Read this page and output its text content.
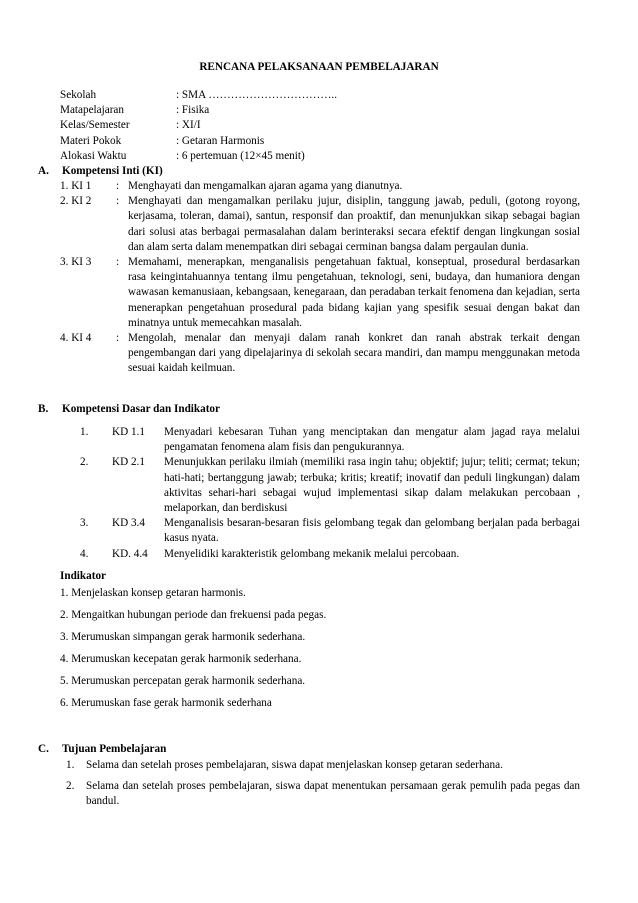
RENCANA PELAKSANAAN PEMBELAJARAN
Sekolah	: SMA ……………………………..
Matapelajaran	: Fisika
Kelas/Semester	: XI/I
Materi Pokok	: Getaran Harmonis
Alokasi Waktu	: 6 pertemuan (12×45 menit)
A. Kompetensi Inti (KI)
1. KI 1	: Menghayati dan mengamalkan ajaran agama yang dianutnya.
2. KI 2	: Menghayati dan mengamalkan perilaku jujur, disiplin, tanggung jawab, peduli, (gotong royong, kerjasama, toleran, damai), santun, responsif dan proaktif, dan menunjukkan sikap sebagai bagian dari solusi atas berbagai permasalahan dalam berinteraksi secara efektif dengan lingkungan sosial dan alam serta dalam menempatkan diri sebagai cerminan bangsa dalam pergaulan dunia.
3. KI 3	: Memahami, menerapkan, menganalisis pengetahuan faktual, konseptual, prosedural berdasarkan rasa keingintahuannya tentang ilmu pengetahuan, teknologi, seni, budaya, dan humaniora dengan wawasan kemanusiaan, kebangsaan, kenegaraan, dan peradaban terkait fenomena dan kejadian, serta menerapkan pengetahuan prosedural pada bidang kajian yang spesifik sesuai dengan bakat dan minatnya untuk memecahkan masalah.
4. KI 4	: Mengolah, menalar dan menyaji dalam ranah konkret dan ranah abstrak terkait dengan pengembangan dari yang dipelajarinya di sekolah secara mandiri, dan mampu menggunakan metoda sesuai kaidah keilmuan.
B. Kompetensi Dasar dan Indikator
1.	KD 1.1	Menyadari kebesaran Tuhan yang menciptakan dan mengatur alam jagad raya melalui pengamatan fenomena alam fisis dan pengukurannya.
2.	KD 2.1	Menunjukkan perilaku ilmiah (memiliki rasa ingin tahu; objektif; jujur; teliti; cermat; tekun; hati-hati; bertanggung jawab; terbuka; kritis; kreatif; inovatif dan peduli lingkungan) dalam aktivitas sehari-hari sebagai wujud implementasi sikap dalam melakukan percobaan , melaporkan, dan berdiskusi
3.	KD 3.4	Menganalisis besaran-besaran fisis gelombang tegak dan gelombang berjalan pada berbagai kasus nyata.
4.	KD. 4.4	Menyelidiki karakteristik gelombang mekanik melalui percobaan.
Indikator
1. Menjelaskan konsep getaran harmonis.
2. Mengaitkan hubungan periode dan frekuensi pada pegas.
3. Merumuskan simpangan gerak harmonik sederhana.
4. Merumuskan kecepatan gerak harmonik sederhana.
5. Merumuskan percepatan gerak harmonik sederhana.
6. Merumuskan fase gerak harmonik sederhana
C. Tujuan Pembelajaran
1.	Selama dan setelah proses pembelajaran, siswa dapat menjelaskan konsep getaran sederhana.
2.	Selama dan setelah proses pembelajaran, siswa dapat menentukan persamaan gerak pemulih pada pegas dan bandul.
